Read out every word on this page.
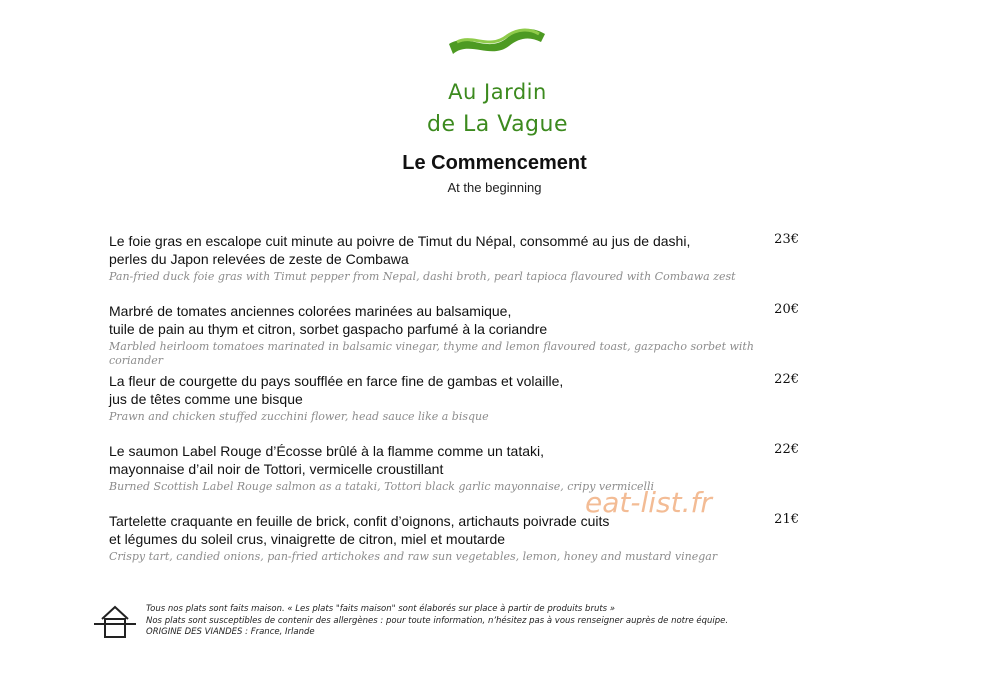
Au Jardin
de La Vague
Le Commencement
At the beginning
Le foie gras en escalope cuit minute au poivre de Timut du Népal, consommé au jus de dashi,
perles du Japon relevées de zeste de Combawa
Pan-fried duck foie gras with Timut pepper from Nepal, dashi broth, pearl tapioca flavoured with Combawa zest
23€
Marbré de tomates anciennes colorées marinées au balsamique,
tuile de pain au thym et citron, sorbet gaspacho parfumé à la coriandre
Marbled heirloom tomatoes marinated in balsamic vinegar, thyme and lemon flavoured toast, gazpacho sorbet with coriander
20€
La fleur de courgette du pays soufflée en farce fine de gambas et volaille,
jus de têtes comme une bisque
Prawn and chicken stuffed zucchini flower, head sauce like a bisque
22€
Le saumon Label Rouge d’Écosse brûlé à la flamme comme un tataki,
mayonnaise d’ail noir de Tottori, vermicelle croustillant
Burned Scottish Label Rouge salmon as a tataki, Tottori black garlic mayonnaise, cripy vermicelli
22€
Tartelette craquante en feuille de brick, confit d’oignons, artichauts poivrade cuits
et légumes du soleil crus, vinaigrette de citron, miel et moutarde
Crispy tart, candied onions, pan-fried artichokes and raw sun vegetables, lemon, honey and mustard vinegar
21€
eat-list.fr
Tous nos plats sont faits maison. « Les plats "faits maison" sont élaborés sur place à partir de produits bruts »
Nos plats sont susceptibles de contenir des allergènes : pour toute information, n’hésitez pas à vous renseigner auprès de notre équipe.
ORIGINE DES VIANDES : France, Irlande
